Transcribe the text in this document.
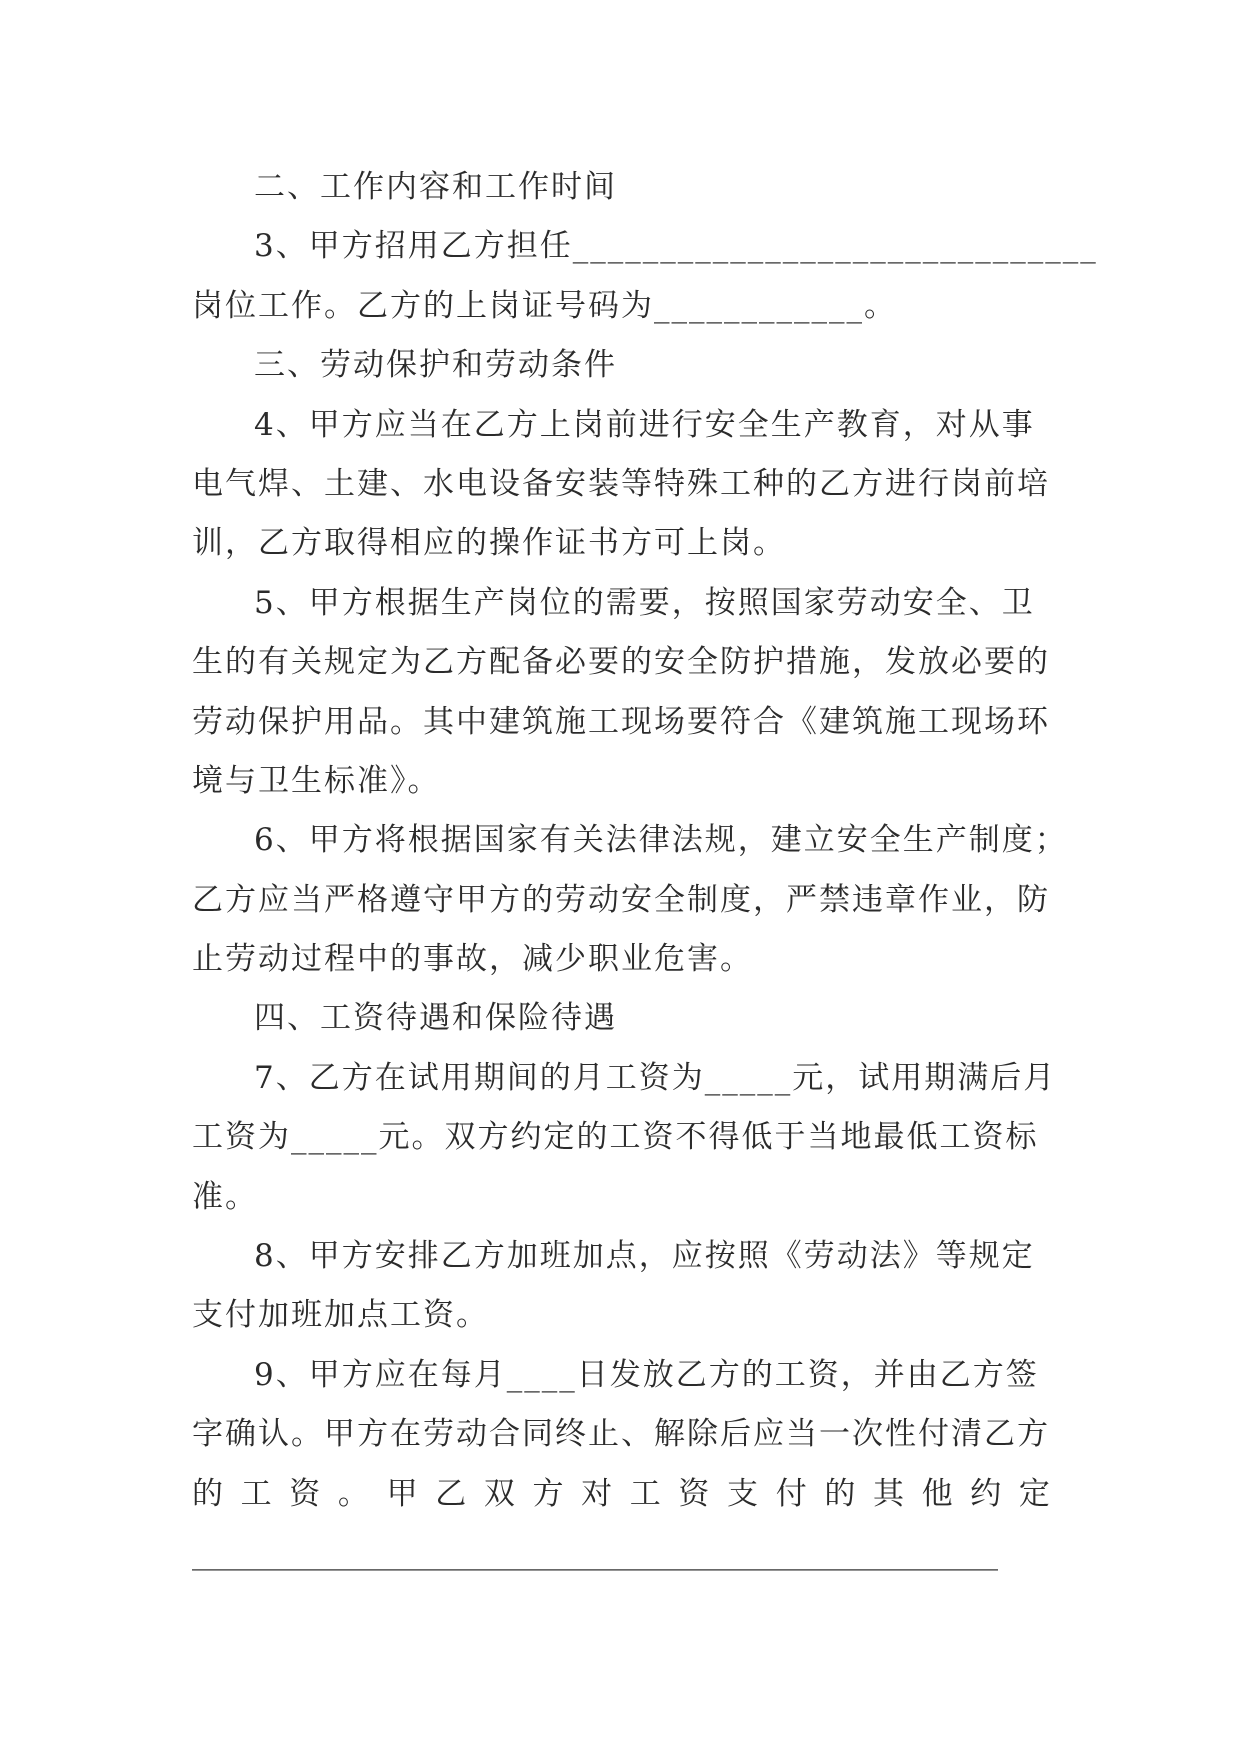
二、工作内容和工作时间
3、甲方招用乙方担任______________________________
岗位工作。乙方的上岗证号码为____________。
三、劳动保护和劳动条件
4、甲方应当在乙方上岗前进行安全生产教育，对从事
电气焊、土建、水电设备安装等特殊工种的乙方进行岗前培
训，乙方取得相应的操作证书方可上岗。
5、甲方根据生产岗位的需要，按照国家劳动安全、卫
生的有关规定为乙方配备必要的安全防护措施，发放必要的
劳动保护用品。其中建筑施工现场要符合《建筑施工现场环
境与卫生标准》。
6、甲方将根据国家有关法律法规，建立安全生产制度；
乙方应当严格遵守甲方的劳动安全制度，严禁违章作业，防
止劳动过程中的事故，减少职业危害。
四、工资待遇和保险待遇
7、乙方在试用期间的月工资为_____元，试用期满后月
工资为_____元。双方约定的工资不得低于当地最低工资标
准。
8、甲方安排乙方加班加点，应按照《劳动法》等规定
支付加班加点工资。
9、甲方应在每月____日发放乙方的工资，并由乙方签
字确认。甲方在劳动合同终止、解除后应当一次性付清乙方
的 工 资 。 甲 乙 双 方 对 工 资 支 付 的 其 他 约 定
____________________________________________________
